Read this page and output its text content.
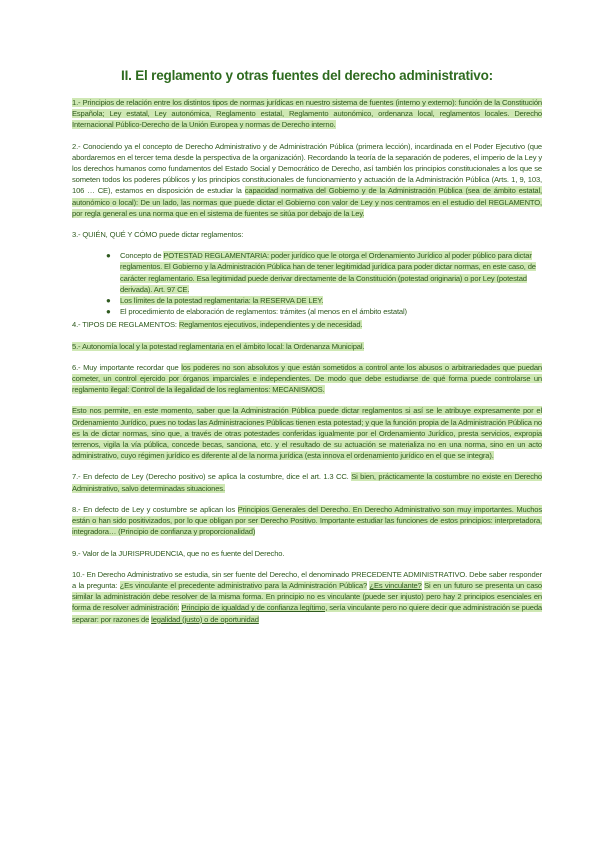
II. El reglamento y otras fuentes del derecho administrativo:

1.- Principios de relación entre los distintos tipos de normas jurídicas en nuestro sistema de fuentes (interno y externo): función de la Constitución Española; Ley estatal, Ley autonómica, Reglamento estatal, Reglamento autonómico, ordenanza local, reglamentos locales. Derecho Internacional Público-Derecho de la Unión Europea y normas de Derecho interno.

2.- Conociendo ya el concepto de Derecho Administrativo y de Administración Pública (primera lección), incardinada en el Poder Ejecutivo (que abordaremos en el tercer tema desde la perspectiva de la organización). Recordando la teoría de la separación de poderes, el imperio de la Ley y los derechos humanos como fundamentos del Estado Social y Democrático de Derecho, así también los principios constitucionales a los que se someten todos los poderes públicos y los principios constitucionales de funcionamiento y actuación de la Administración Pública (Arts. 1, 9, 103, 106 … CE), estamos en disposición de estudiar la capacidad normativa del Gobierno y de la Administración Pública (sea de ámbito estatal, autonómico o local): De un lado, las normas que puede dictar el Gobierno con valor de Ley y nos centramos en el estudio del REGLAMENTO, por regla general es una norma que en el sistema de fuentes se sitúa por debajo de la Ley.

3.- QUIÉN, QUÉ Y CÓMO puede dictar reglamentos:

● Concepto de POTESTAD REGLAMENTARIA: poder jurídico que le otorga el Ordenamiento Jurídico al poder público para dictar reglamentos. El Gobierno y la Administración Pública han de tener legitimidad jurídica para poder dictar normas, en este caso, de carácter reglamentario. Esa legitimidad puede derivar directamente de la Constitución (potestad originaria) o por Ley (potestad derivada). Art. 97 CE.
● Los límites de la potestad reglamentaria: la RESERVA DE LEY.
● El procedimiento de elaboración de reglamentos: trámites (al menos en el ámbito estatal)

4.- TIPOS DE REGLAMENTOS: Reglamentos ejecutivos, independientes y de necesidad.

5.- Autonomía local y la potestad reglamentaria en el ámbito local: la Ordenanza Municipal.

6.- Muy importante recordar que los poderes no son absolutos y que están sometidos a control ante los abusos o arbitrariedades que puedan cometer, un control ejercido por órganos imparciales e independientes. De modo que debe estudiarse de qué forma puede controlarse un reglamento ilegal: Control de la ilegalidad de los reglamentos: MECANISMOS.

Esto nos permite, en este momento, saber que la Administración Pública puede dictar reglamentos si así se le atribuye expresamente por el Ordenamiento Jurídico, pues no todas las Administraciones Públicas tienen esta potestad; y que la función propia de la Administración Pública no es la de dictar normas, sino que, a través de otras potestades conferidas igualmente por el Ordenamiento Jurídico, presta servicios, expropia terrenos, vigila la vía pública, concede becas, sanciona, etc. y el resultado de su actuación se materializa no en una norma, sino en un acto administrativo, cuyo régimen jurídico es diferente al de la norma jurídica (esta innova el ordenamiento jurídico en el que se integra).

7.- En defecto de Ley (Derecho positivo) se aplica la costumbre, dice el art. 1.3 CC. Si bien, prácticamente la costumbre no existe en Derecho Administrativo, salvo determinadas situaciones.

8.- En defecto de Ley y costumbre se aplican los Principios Generales del Derecho. En Derecho Administrativo son muy importantes. Muchos están o han sido positivizados, por lo que obligan por ser Derecho Positivo. Importante estudiar las funciones de estos principios: interpretadora, integradora… (Principio de confianza y proporcionalidad)

9.- Valor de la JURISPRUDENCIA, que no es fuente del Derecho.

10.- En Derecho Administrativo se estudia, sin ser fuente del Derecho, el denominado PRECEDENTE ADMINISTRATIVO. Debe saber responder a la pregunta: ¿Es vinculante el precedente administrativo para la Administración Pública? ¿Es vinculante? Si en un futuro se presenta un caso similar la administración debe resolver de la misma forma. En principio no es vinculante (puede ser injusto) pero hay 2 principios esenciales en forma de resolver administración: Principio de igualdad y de confianza legítimo, sería vinculante pero no quiere decir que administración se pueda separar: por razones de legalidad (justo) o de oportunidad
